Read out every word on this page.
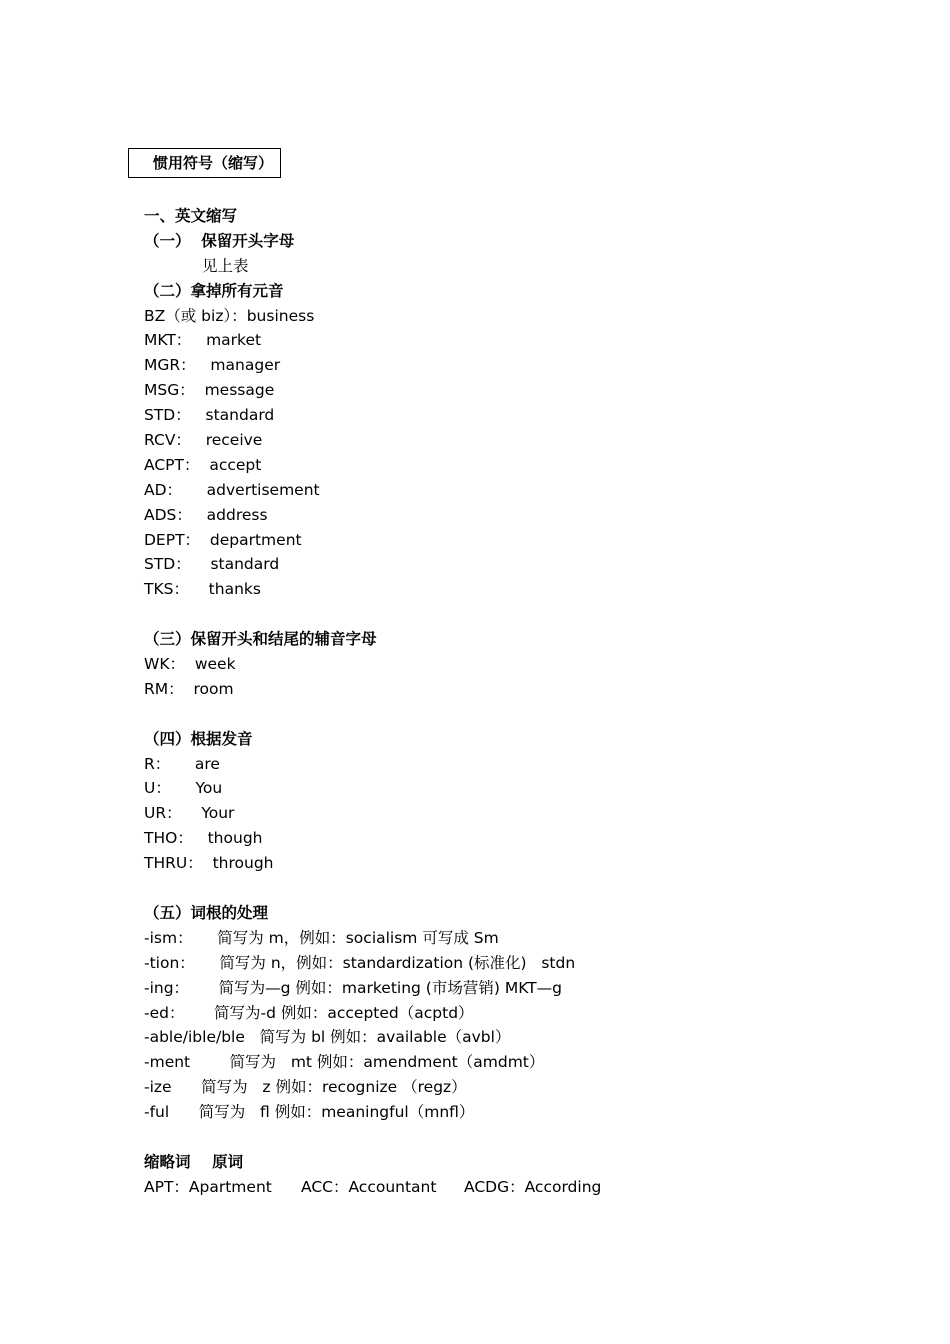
惯用符号（缩写）
一、英文缩写
（一）  保留开头字母
见上表
（二）拿掉所有元音
BZ（或 biz）：business
MKT：   market
MGR：   manager
MSG：  message
STD：   standard
RCV：   receive
ACPT：  accept
AD：     advertisement
ADS：   address
DEPT：  department
STD：    standard
TKS：    thanks
（三）保留开头和结尾的辅音字母
WK：  week
RM：  room
（四）根据发音
R：     are
U：     You
UR：    Your
THO：   though
THRU：  through
（五）词根的处理
-ism：     简写为 m，例如：socialism 可写成 Sm
-tion：     简写为 n，例如：standardization (标准化)   stdn
-ing：      简写为—g 例如：marketing (市场营销) MKT—g
-ed：      简写为-d 例如：accepted（acptd）
-able/ible/ble   简写为 bl 例如：available（avbl）
-ment        简写为   mt 例如：amendment（amdmt）
-ize      简写为   z 例如：recognize （regz）
-ful      简写为   fl 例如：meaningful（mnfl）
缩略词    原词
APT：Apartment ACC：Accountant ACDG：According
